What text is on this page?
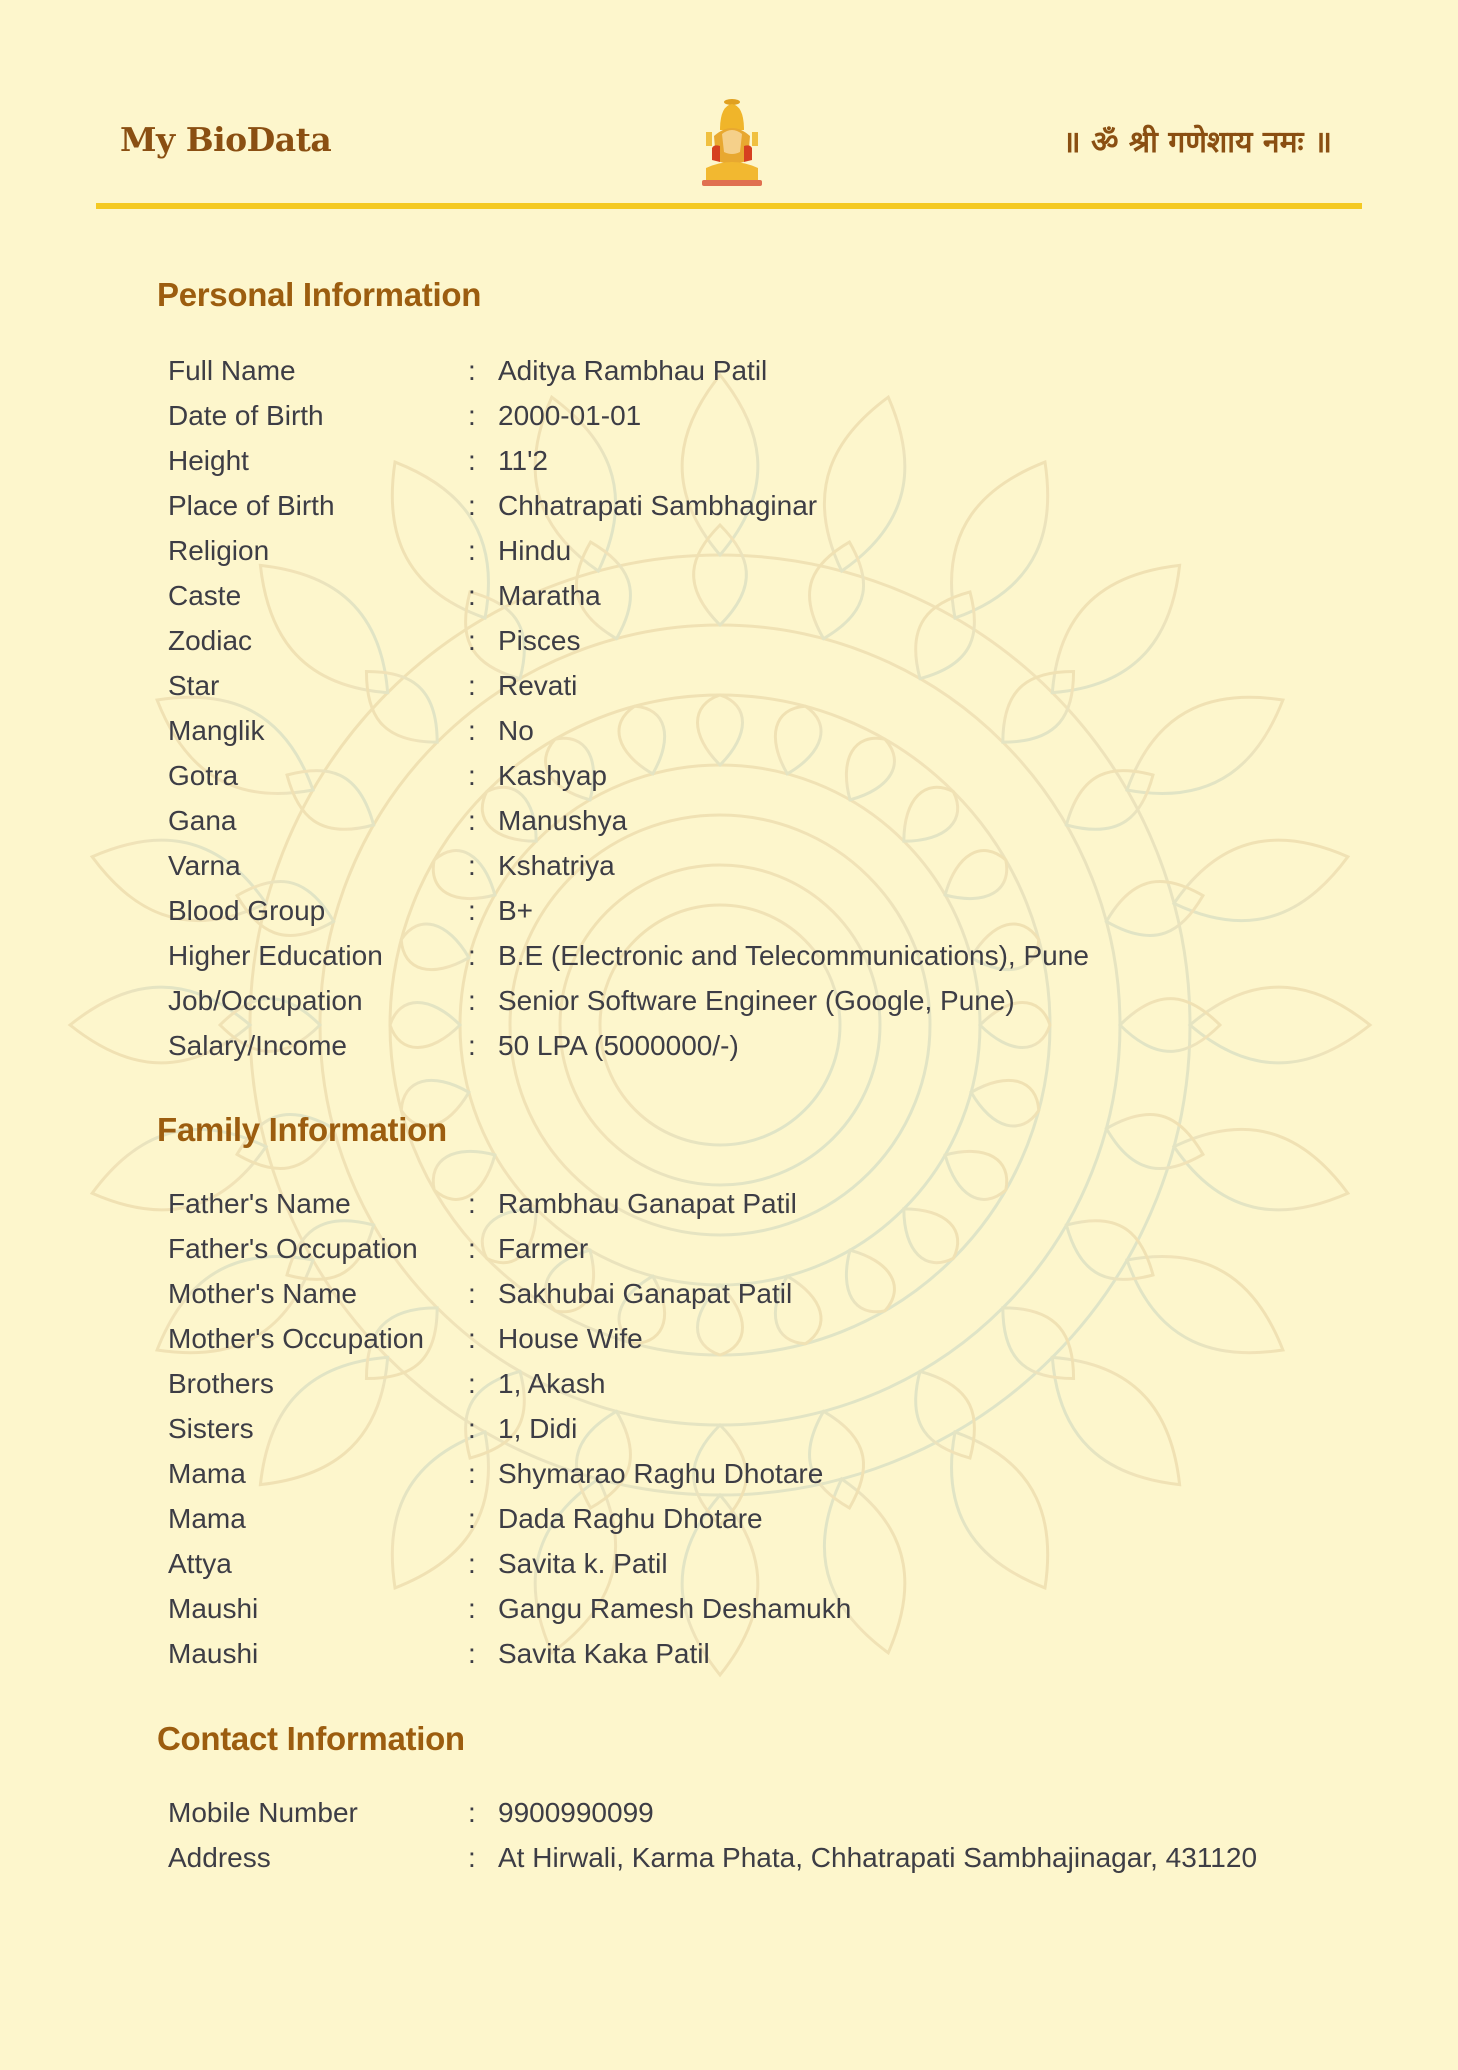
My BioData	॥ ॐ श्री गणेशाय नमः ॥
Personal Information
Full Name	: Aditya Rambhau Patil
Date of Birth	: 2000-01-01
Height	: 11'2
Place of Birth	: Chhatrapati Sambhaginar
Religion	: Hindu
Caste	: Maratha
Zodiac	: Pisces
Star	: Revati
Manglik	: No
Gotra	: Kashyap
Gana	: Manushya
Varna	: Kshatriya
Blood Group	: B+
Higher Education	: B.E (Electronic and Telecommunications), Pune
Job/Occupation	: Senior Software Engineer (Google, Pune)
Salary/Income	: 50 LPA (5000000/-)
Family Information
Father's Name	: Rambhau Ganapat Patil
Father's Occupation : Farmer
Mother's Name	: Sakhubai Ganapat Patil
Mother's Occupation : House Wife
Brothers	: 1, Akash
Sisters	: 1, Didi
Mama	: Shymarao Raghu Dhotare
Mama	: Dada Raghu Dhotare
Attya	: Savita k. Patil
Maushi	: Gangu Ramesh Deshamukh
Maushi	: Savita Kaka Patil
Contact Information
Mobile Number	: 9900990099
Address	: At Hirwali, Karma Phata, Chhatrapati Sambhajinagar, 431120
